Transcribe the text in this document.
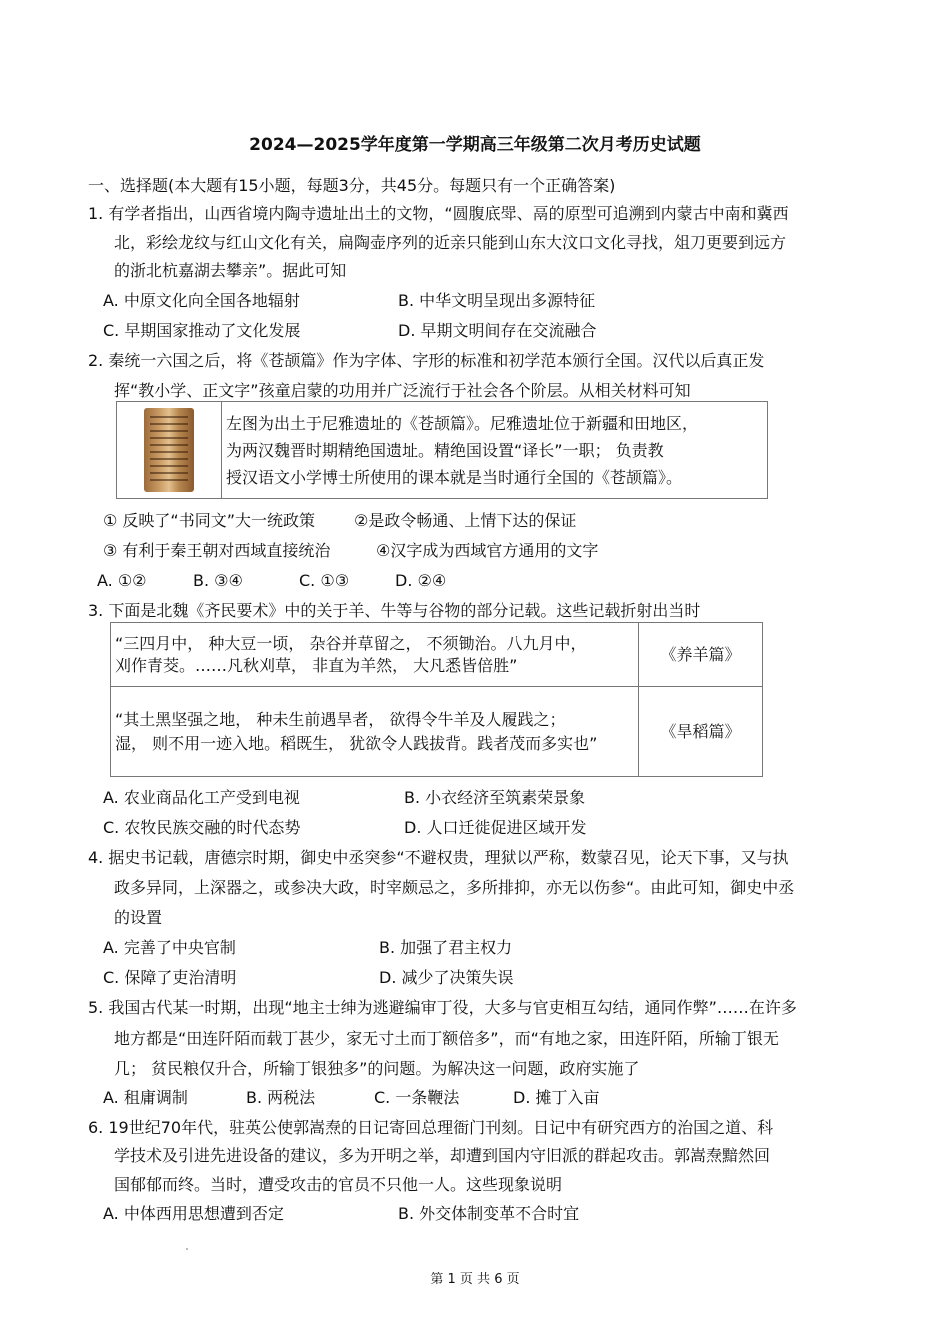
2024—2025学年度第一学期高三年级第二次月考历史试题
一、选择题(本大题有15小题，每题3分，共45分。每题只有一个正确答案)
1. 有学者指出，山西省境内陶寺遗址出土的文物，“圆腹底斝、鬲的原型可追溯到内蒙古中南和冀西
北，彩绘龙纹与红山文化有关，扁陶壶序列的近亲只能到山东大汶口文化寻找，俎刀更要到远方
的浙北杭嘉湖去攀亲”。据此可知
A. 中原文化向全国各地辐射	B. 中华文明呈现出多源特征
C. 早期国家推动了文化发展	D. 早期文明间存在交流融合
2. 秦统一六国之后，将《苍颉篇》作为字体、字形的标准和初学范本颁行全国。汉代以后真正发
挥“教小学、正文字”孩童启蒙的功用并广泛流行于社会各个阶层。从相关材料可知

左图为出土于尼雅遗址的《苍颉篇》。尼雅遗址位于新疆和田地区，
为两汉魏晋时期精绝国遗址。精绝国设置“译长”一职； 负责教
授汉语文小学博士所使用的课本就是当时通行全国的《苍颉篇》。
① 反映了“书同文”大一统政策 ②是政令畅通、上情下达的保证
③ 有利于秦王朝对西域直接统治	④汉字成为西域官方通用的文字
A. ①②	B. ③④	C. ①③	D. ②④
3. 下面是北魏《齐民要术》中的关于羊、牛等与谷物的部分记载。这些记载折射出当时
“三四月中， 种大豆一顷， 杂谷并草留之， 不须锄治。八九月中，
刈作青茭。……凡秋刈草， 非直为羊然， 大凡悉皆倍胜”	《养羊篇》

“其土黑坚强之地， 种未生前遇旱者， 欲得令牛羊及人履践之；
湿， 则不用一迹入地。稻既生， 犹欲令人践拔背。践者茂而多实也”	《旱稻篇》
A. 农业商品化工产受到电视	B. 小衣经济至筑素荣景象
C. 农牧民族交融的时代态势	D. 人口迁徙促进区域开发
4. 据史书记载，唐德宗时期，御史中丞突参“不避权贵，理狱以严称，数蒙召见，论天下事，又与执
政多异同，上深器之，或参决大政，时宰颇忌之，多所排抑，亦无以伤参“。由此可知，御史中丞
的设置
A. 完善了中央官制	B. 加强了君主权力
C. 保障了吏治清明	D. 减少了决策失误
5. 我国古代某一时期，出现“地主士绅为逃避编审丁役，大多与官吏相互勾结，通同作弊”……在许多
地方都是“田连阡陌而载丁甚少，家无寸土而丁额倍多”，而“有地之家，田连阡陌，所输丁银无
几； 贫民粮仅升合，所输丁银独多”的问题。为解决这一问题，政府实施了
A. 租庸调制	B. 两税法	C. 一条鞭法	D. 摊丁入亩
6. 19世纪70年代，驻英公使郭嵩焘的日记寄回总理衙门刊刻。日记中有研究西方的治国之道、科
学技术及引进先进设备的建议，多为开明之举，却遭到国内守旧派的群起攻击。郭嵩焘黯然回
国郁郁而终。当时，遭受攻击的官员不只他一人。这些现象说明
A. 中体西用思想遭到否定	B. 外交体制变革不合时宜
第 1 页 共 6 页
